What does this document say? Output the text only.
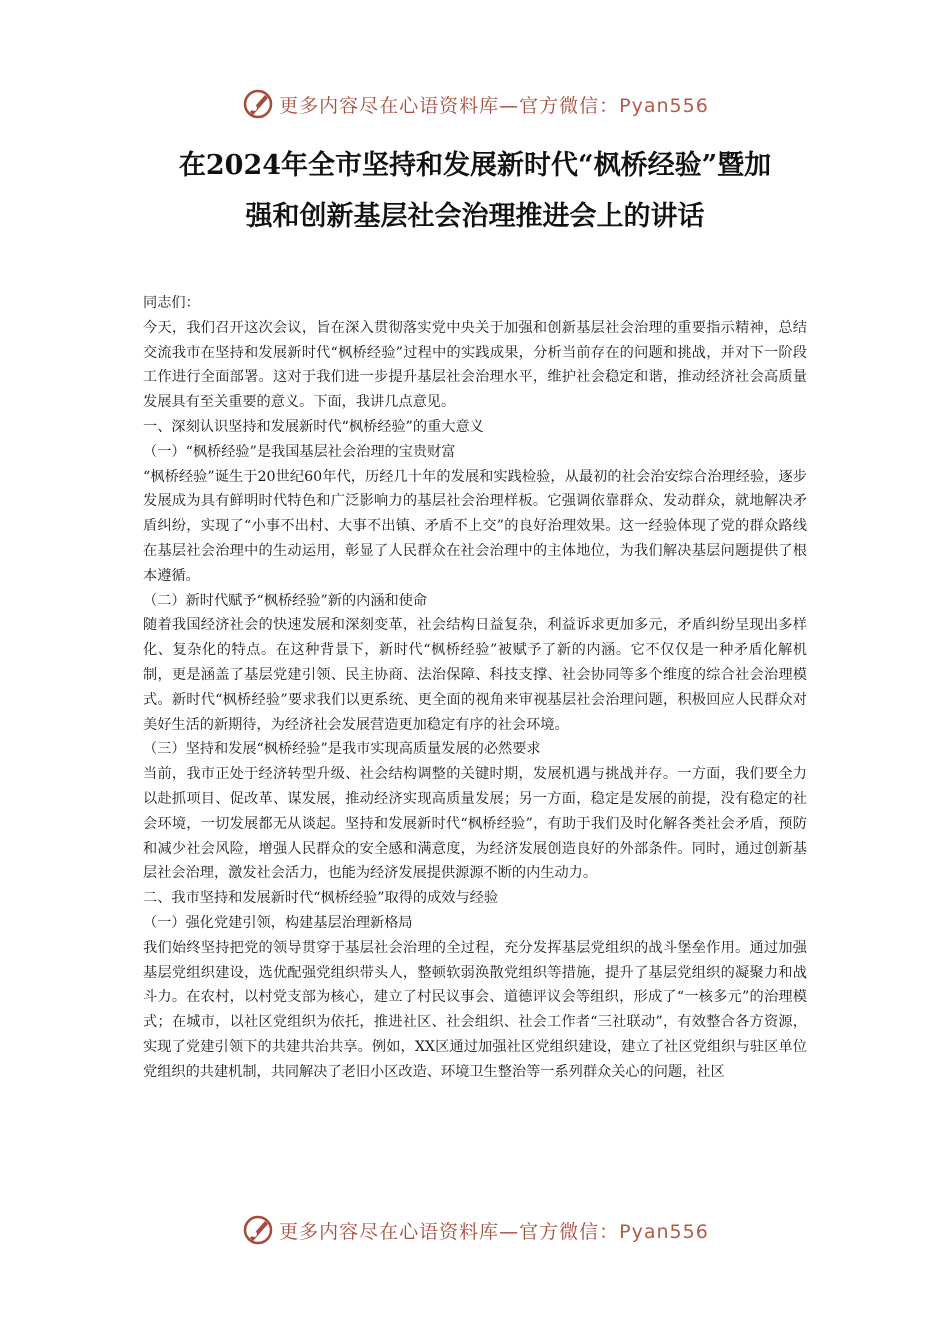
更多内容尽在心语资料库—官方微信：Pyan556
在2024年全市坚持和发展新时代“枫桥经验”暨加
强和创新基层社会治理推进会上的讲话

同志们：

今天，我们召开这次会议，旨在深入贯彻落实党中央关于加强和创新基层社会治理的重要指示精神，总结交流我市在坚持和发展新时代“枫桥经验”过程中的实践成果，分析当前存在的问题和挑战，并对下一阶段工作进行全面部署。这对于我们进一步提升基层社会治理水平，维护社会稳定和谐，推动经济社会高质量发展具有至关重要的意义。下面，我讲几点意见。

一、深刻认识坚持和发展新时代“枫桥经验”的重大意义

（一）“枫桥经验”是我国基层社会治理的宝贵财富

“枫桥经验”诞生于20世纪60年代，历经几十年的发展和实践检验，从最初的社会治安综合治理经验，逐步发展成为具有鲜明时代特色和广泛影响力的基层社会治理样板。它强调依靠群众、发动群众，就地解决矛盾纠纷，实现了“小事不出村、大事不出镇、矛盾不上交”的良好治理效果。这一经验体现了党的群众路线在基层社会治理中的生动运用，彰显了人民群众在社会治理中的主体地位，为我们解决基层问题提供了根本遵循。

（二）新时代赋予“枫桥经验”新的内涵和使命

随着我国经济社会的快速发展和深刻变革，社会结构日益复杂，利益诉求更加多元，矛盾纠纷呈现出多样化、复杂化的特点。在这种背景下，新时代“枫桥经验”被赋予了新的内涵。它不仅仅是一种矛盾化解机制，更是涵盖了基层党建引领、民主协商、法治保障、科技支撑、社会协同等多个维度的综合社会治理模式。新时代“枫桥经验”要求我们以更系统、更全面的视角来审视基层社会治理问题，积极回应人民群众对美好生活的新期待，为经济社会发展营造更加稳定有序的社会环境。

（三）坚持和发展“枫桥经验”是我市实现高质量发展的必然要求

当前，我市正处于经济转型升级、社会结构调整的关键时期，发展机遇与挑战并存。一方面，我们要全力以赴抓项目、促改革、谋发展，推动经济实现高质量发展；另一方面，稳定是发展的前提，没有稳定的社会环境，一切发展都无从谈起。坚持和发展新时代“枫桥经验”，有助于我们及时化解各类社会矛盾，预防和减少社会风险，增强人民群众的安全感和满意度，为经济发展创造良好的外部条件。同时，通过创新基层社会治理，激发社会活力，也能为经济发展提供源源不断的内生动力。

二、我市坚持和发展新时代“枫桥经验”取得的成效与经验

（一）强化党建引领，构建基层治理新格局

我们始终坚持把党的领导贯穿于基层社会治理的全过程，充分发挥基层党组织的战斗堡垒作用。通过加强基层党组织建设，选优配强党组织带头人，整顿软弱涣散党组织等措施，提升了基层党组织的凝聚力和战斗力。在农村，以村党支部为核心，建立了村民议事会、道德评议会等组织，形成了“一核多元”的治理模式；在城市，以社区党组织为依托，推进社区、社会组织、社会工作者“三社联动”，有效整合各方资源，实现了党建引领下的共建共治共享。例如，XX区通过加强社区党组织建设，建立了社区党组织与驻区单位党组织的共建机制，共同解决了老旧小区改造、环境卫生整治等一系列群众关心的问题，社区

更多内容尽在心语资料库—官方微信：Pyan556
